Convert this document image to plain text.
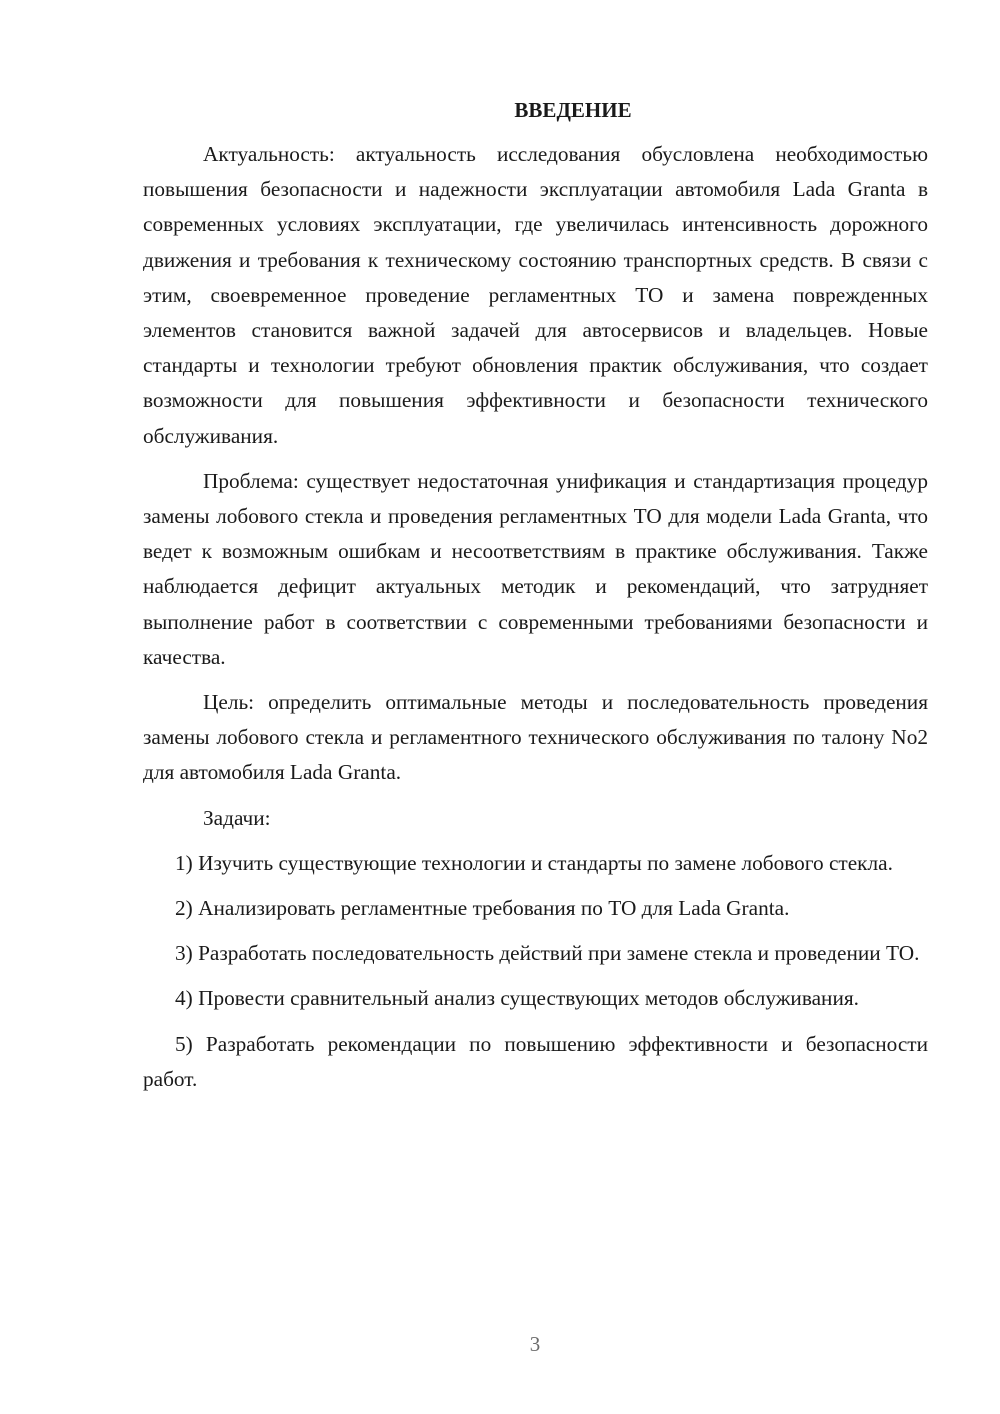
ВВЕДЕНИЕ

Актуальность: актуальность исследования обусловлена необходимостью повышения безопасности и надежности эксплуатации автомобиля Lada Granta в современных условиях эксплуатации, где увеличилась интенсивность дорожного движения и требования к техническому состоянию транспортных средств. В связи с этим, своевременное проведение регламентных ТО и замена поврежденных элементов становится важной задачей для автосервисов и владельцев. Новые стандарты и технологии требуют обновления практик обслуживания, что создает возможности для повышения эффективности и безопасности технического обслуживания.

Проблема: существует недостаточная унификация и стандартизация процедур замены лобового стекла и проведения регламентных ТО для модели Lada Granta, что ведет к возможным ошибкам и несоответствиям в практике обслуживания. Также наблюдается дефицит актуальных методик и рекомендаций, что затрудняет выполнение работ в соответствии с современными требованиями безопасности и качества.

Цель: определить оптимальные методы и последовательность проведения замены лобового стекла и регламентного технического обслуживания по талону No2 для автомобиля Lada Granta.

Задачи:

1) Изучить существующие технологии и стандарты по замене лобового стекла.

2) Анализировать регламентные требования по ТО для Lada Granta.

3) Разработать последовательность действий при замене стекла и проведении ТО.

4) Провести сравнительный анализ существующих методов обслуживания.

5) Разработать рекомендации по повышению эффективности и безопасности работ.

3
